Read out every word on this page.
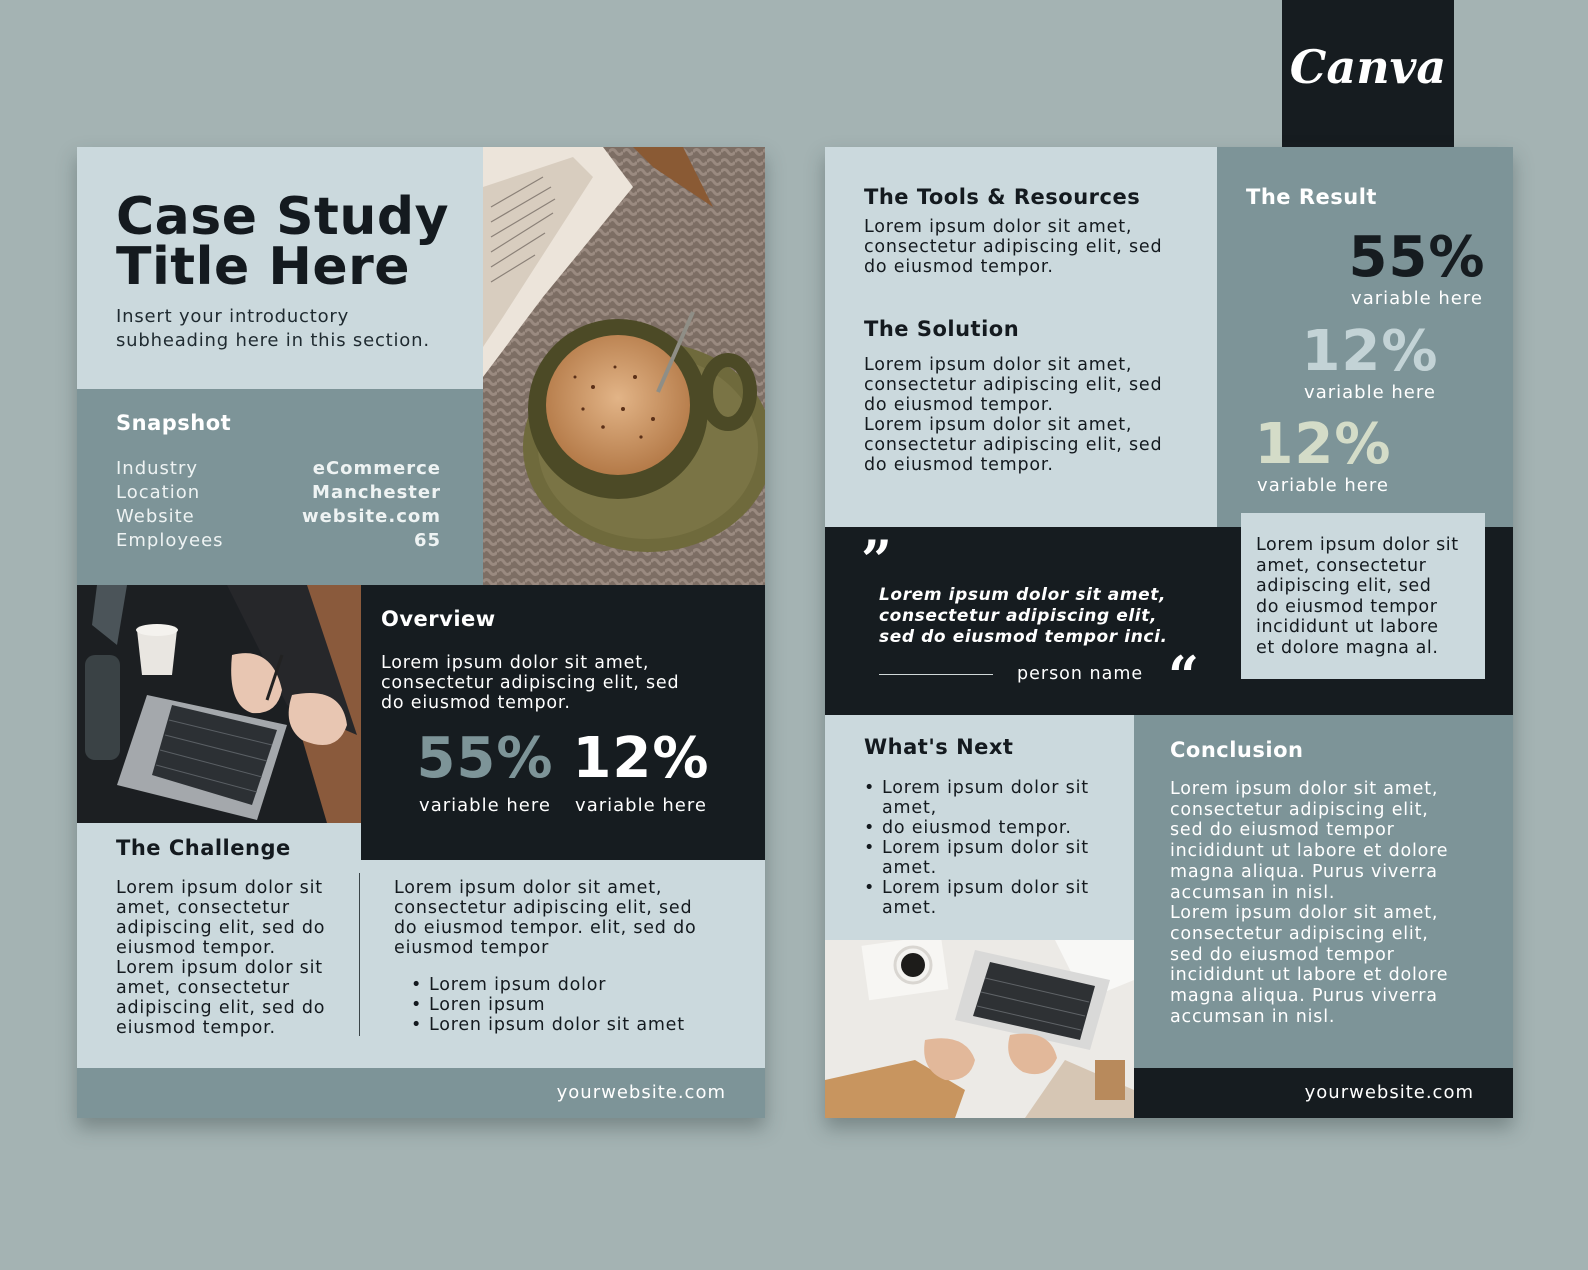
Canva
Case Study
Title Here
Insert your introductory
subheading here in this section.
Snapshot
Industry	eCommerce
Location	Manchester
Website	website.com
Employees	65
Overview
Lorem ipsum dolor sit amet,
consectetur adipiscing elit, sed
do eiusmod tempor.
55%
variable here
12%
variable here
The Challenge
Lorem ipsum dolor sit
amet, consectetur
adipiscing elit, sed do
eiusmod tempor.
Lorem ipsum dolor sit
amet, consectetur
adipiscing elit, sed do
eiusmod tempor.
Lorem ipsum dolor sit amet,
consectetur adipiscing elit, sed
do eiusmod tempor. elit, sed do
eiusmod tempor
• Lorem ipsum dolor
• Loren ipsum
• Loren ipsum dolor sit amet
yourwebsite.com
The Tools & Resources
Lorem ipsum dolor sit amet,
consectetur adipiscing elit, sed
do eiusmod tempor.
The Solution
Lorem ipsum dolor sit amet,
consectetur adipiscing elit, sed
do eiusmod tempor.
Lorem ipsum dolor sit amet,
consectetur adipiscing elit, sed
do eiusmod tempor.
The Result
55%
variable here
12%
variable here
12%
variable here
”
Lorem ipsum dolor sit amet,
consectetur adipiscing elit,
sed do eiusmod tempor inci.
person name “
Lorem ipsum dolor sit
amet, consectetur
adipiscing elit, sed
do eiusmod tempor
incididunt ut labore
et dolore magna al.
What's Next
• Lorem ipsum dolor sit
amet,
• do eiusmod tempor.
• Lorem ipsum dolor sit
amet.
• Lorem ipsum dolor sit
amet.
Conclusion
Lorem ipsum dolor sit amet,
consectetur adipiscing elit,
sed do eiusmod tempor
incididunt ut labore et dolore
magna aliqua. Purus viverra
accumsan in nisl.
Lorem ipsum dolor sit amet,
consectetur adipiscing elit,
sed do eiusmod tempor
incididunt ut labore et dolore
magna aliqua. Purus viverra
accumsan in nisl.
yourwebsite.com
